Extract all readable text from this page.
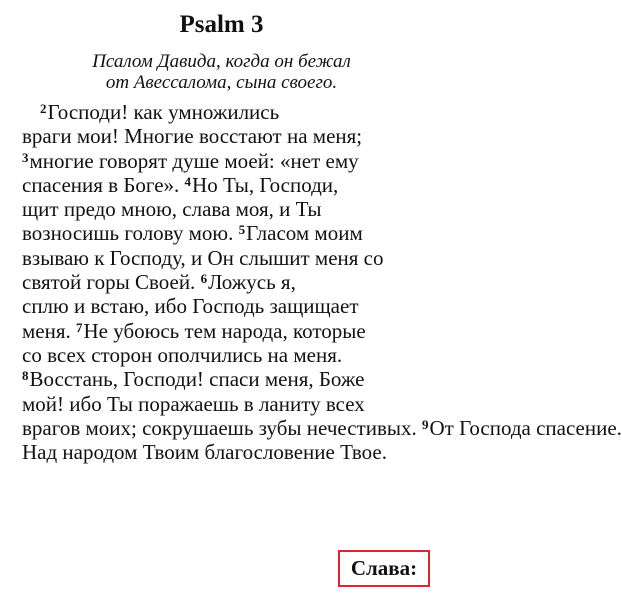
Psalm 3
Псалом Давида, когда он бежал
от Авессалома, сына своего.
$^2$Господи! как умножились
враги мои! Многие восстают на меня;
$^3$многие говорят душе моей: «нет ему
спасения в Боге». $^4$Но Ты, Господи,
щит предо мною, слава моя, и Ты
возносишь голову мою. $^5$Гласом моим
взываю к Господу, и Он слышит меня со
святой горы Своей. $^6$Ложусь я,
сплю и встаю, ибо Господь защищает
меня. $^7$Не убоюсь тем народа, которые
со всех сторон ополчились на меня.
$^8$Восстань, Господи! спаси меня, Боже
мой! ибо Ты поражаешь в ланиту всех
врагов моих; сокрушаешь зубы нечестивых. $^9$От Господа спасение.
Над народом Твоим благословение Твое.
Слава:
